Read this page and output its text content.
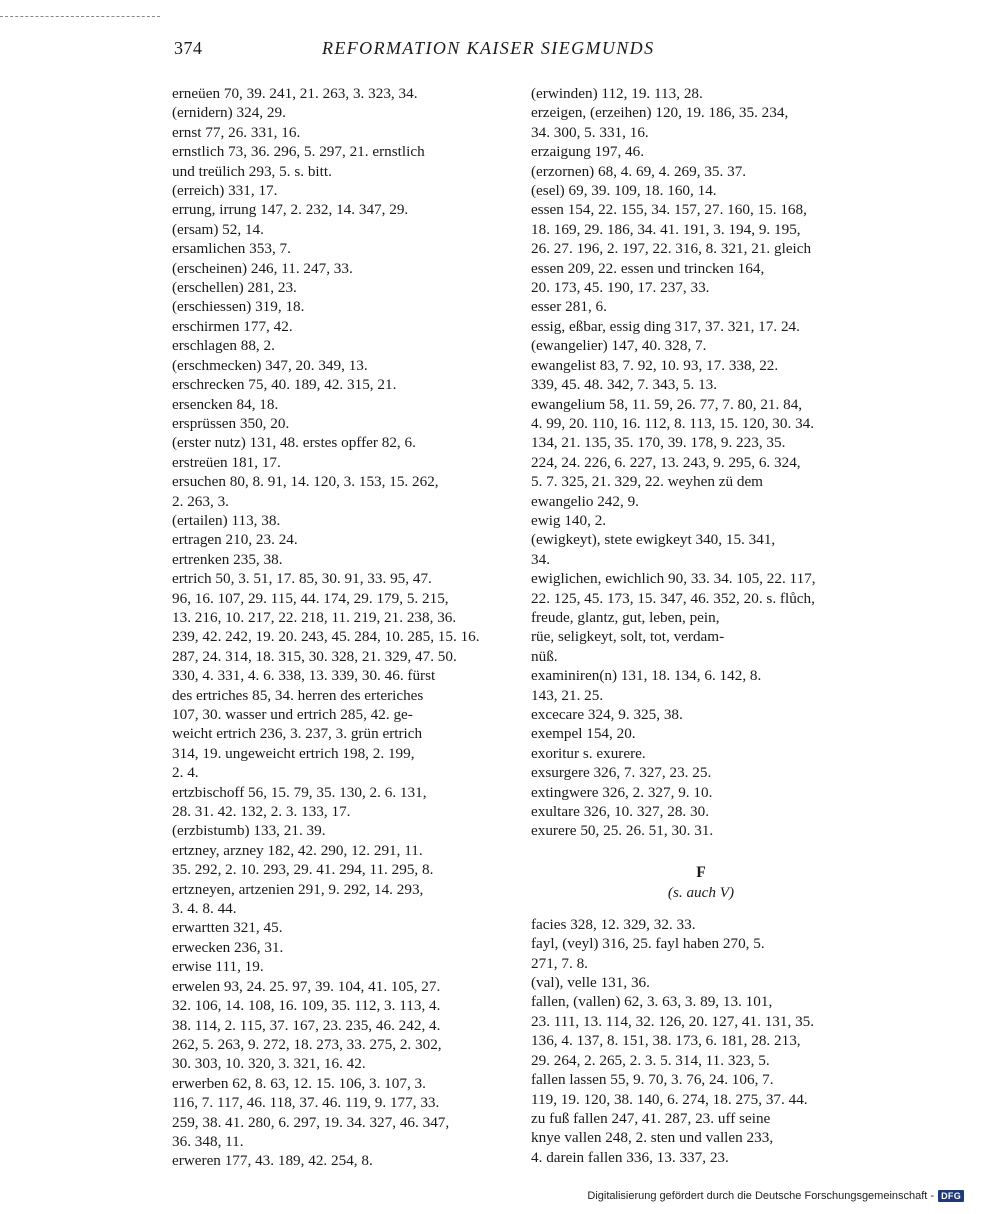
374	REFORMATION KAISER SIEGMUNDS

erneüen 70, 39. 241, 21. 263, 3. 323, 34.

(ernidern) 324, 29.

ernst 77, 26. 331, 16.

ernstlich 73, 36. 296, 5. 297, 21. ernstlich
und treülich 293, 5. s. bitt.

(erreich) 331, 17.

errung, irrung 147, 2. 232, 14. 347, 29.

(ersam) 52, 14.

ersamlichen 353, 7.

(erscheinen) 246, 11. 247, 33.

(erschellen) 281, 23.

(erschiessen) 319, 18.

erschirmen 177, 42.

erschlagen 88, 2.

(erschmecken) 347, 20. 349, 13.

erschrecken 75, 40. 189, 42. 315, 21.

ersencken 84, 18.

ersprüssen 350, 20.

(erster nutz) 131, 48. erstes opffer 82, 6.

erstreüen 181, 17.

ersuchen 80, 8. 91, 14. 120, 3. 153, 15. 262,
2. 263, 3.

(ertailen) 113, 38.

ertragen 210, 23. 24.

ertrenken 235, 38.

ertrich 50, 3. 51, 17. 85, 30. 91, 33. 95, 47.
96, 16. 107, 29. 115, 44. 174, 29. 179, 5. 215,
13. 216, 10. 217, 22. 218, 11. 219, 21. 238, 36.
239, 42. 242, 19. 20. 243, 45. 284, 10. 285, 15. 16.
287, 24. 314, 18. 315, 30. 328, 21. 329, 47. 50.
330, 4. 331, 4. 6. 338, 13. 339, 30. 46. fürst
des ertriches 85, 34. herren des erteriches
107, 30. wasser und ertrich 285, 42. ge-
weicht ertrich 236, 3. 237, 3. grün ertrich
314, 19. ungeweicht ertrich 198, 2. 199,
2. 4.

ertzbischoff 56, 15. 79, 35. 130, 2. 6. 131,
28. 31. 42. 132, 2. 3. 133, 17.

(erzbistumb) 133, 21. 39.

ertzney, arzney 182, 42. 290, 12. 291, 11.
35. 292, 2. 10. 293, 29. 41. 294, 11. 295, 8.

ertzneyen, artzenien 291, 9. 292, 14. 293,
3. 4. 8. 44.

erwartten 321, 45.

erwecken 236, 31.

erwise 111, 19.

erwelen 93, 24. 25. 97, 39. 104, 41. 105, 27.
32. 106, 14. 108, 16. 109, 35. 112, 3. 113, 4.
38. 114, 2. 115, 37. 167, 23. 235, 46. 242, 4.
262, 5. 263, 9. 272, 18. 273, 33. 275, 2. 302,
30. 303, 10. 320, 3. 321, 16. 42.

erwerben 62, 8. 63, 12. 15. 106, 3. 107, 3.
116, 7. 117, 46. 118, 37. 46. 119, 9. 177, 33.
259, 38. 41. 280, 6. 297, 19. 34. 327, 46. 347,
36. 348, 11.

erweren 177, 43. 189, 42. 254, 8.

(erwinden) 112, 19. 113, 28.

erzeigen, (erzeihen) 120, 19. 186, 35. 234,
34. 300, 5. 331, 16.

erzaigung 197, 46.

(erzornen) 68, 4. 69, 4. 269, 35. 37.

(esel) 69, 39. 109, 18. 160, 14.

essen 154, 22. 155, 34. 157, 27. 160, 15. 168,
18. 169, 29. 186, 34. 41. 191, 3. 194, 9. 195,
26. 27. 196, 2. 197, 22. 316, 8. 321, 21. gleich
essen 209, 22. essen und trincken 164,
20. 173, 45. 190, 17. 237, 33.

esser 281, 6.

essig, eßbar, essig ding 317, 37. 321, 17. 24.

(ewangelier) 147, 40. 328, 7.

ewangelist 83, 7. 92, 10. 93, 17. 338, 22.
339, 45. 48. 342, 7. 343, 5. 13.

ewangelium 58, 11. 59, 26. 77, 7. 80, 21. 84,
4. 99, 20. 110, 16. 112, 8. 113, 15. 120, 30. 34.
134, 21. 135, 35. 170, 39. 178, 9. 223, 35.
224, 24. 226, 6. 227, 13. 243, 9. 295, 6. 324,
5. 7. 325, 21. 329, 22. weyhen zü dem
ewangelio 242, 9.

ewig 140, 2.

(ewigkeyt), stete ewigkeyt 340, 15. 341,
34.

ewiglichen, ewichlich 90, 33. 34. 105, 22. 117,
22. 125, 45. 173, 15. 347, 46. 352, 20. s. flůch,
freude, glantz, gut, leben, pein,
rüe, seligkeyt, solt, tot, verdam-
nüß.

examiniren(n) 131, 18. 134, 6. 142, 8.
143, 21. 25.

excecare 324, 9. 325, 38.

exempel 154, 20.

exoritur s. exurere.

exsurgere 326, 7. 327, 23. 25.

extingwere 326, 2. 327, 9. 10.

exultare 326, 10. 327, 28. 30.

exurere 50, 25. 26. 51, 30. 31.

F
(s. auch V)

facies 328, 12. 329, 32. 33.

fayl, (veyl) 316, 25. fayl haben 270, 5.
271, 7. 8.

(val), velle 131, 36.

fallen, (vallen) 62, 3. 63, 3. 89, 13. 101,
23. 111, 13. 114, 32. 126, 20. 127, 41. 131, 35.
136, 4. 137, 8. 151, 38. 173, 6. 181, 28. 213,
29. 264, 2. 265, 2. 3. 5. 314, 11. 323, 5.
fallen lassen 55, 9. 70, 3. 76, 24. 106, 7.
119, 19. 120, 38. 140, 6. 274, 18. 275, 37. 44.
zu fuß fallen 247, 41. 287, 23. uff seine
knye vallen 248, 2. sten und vallen 233,
4. darein fallen 336, 13. 337, 23.

Digitalisierung gefördert durch die Deutsche Forschungsgemeinschaft - DFG
